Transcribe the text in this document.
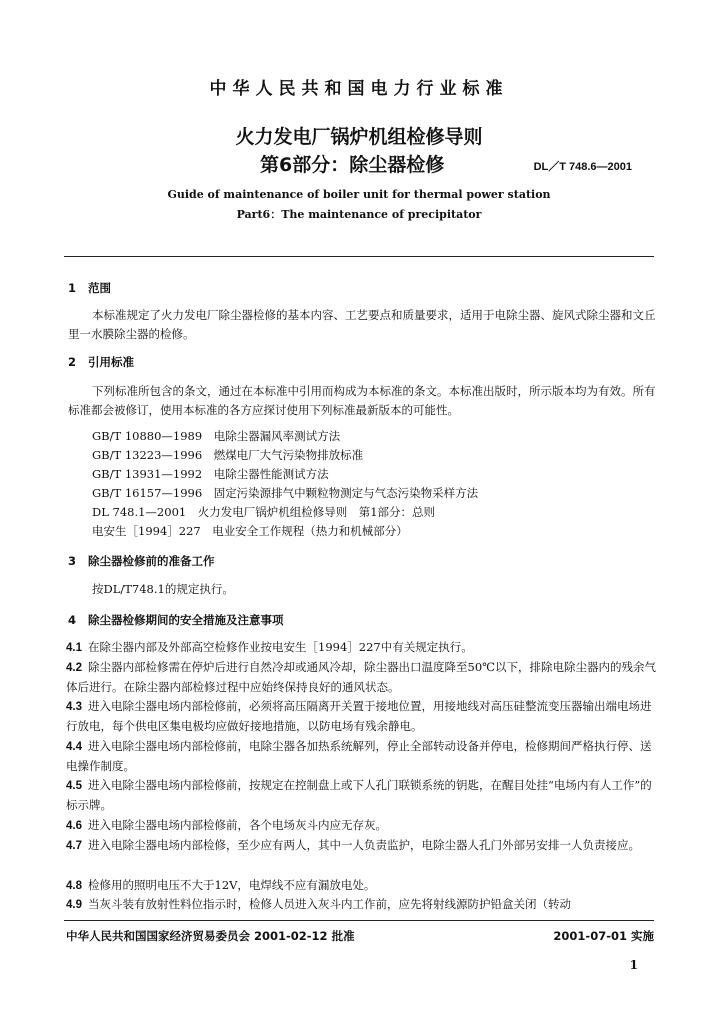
中华人民共和国电力行业标准
火力发电厂锅炉机组检修导则
第6部分：除尘器检修	DL／T 748.6—2001
Guide of maintenance of boiler unit for thermal power station
Part6：The maintenance of precipitator
1 范围
本标准规定了火力发电厂除尘器检修的基本内容、工艺要点和质量要求，适用于电除尘器、旋风式除尘器和文丘里一水膜除尘器的检修。
2 引用标准
下列标准所包含的条文，通过在本标准中引用而构成为本标准的条文。本标准出版时，所示版本均为有效。所有标准都会被修订，使用本标准的各方应探讨使用下列标准最新版本的可能性。
GB/T 10880—1989　电除尘器漏风率测试方法
GB/T 13223—1996　燃煤电厂大气污染物排放标准
GB/T 13931—1992　电除尘器性能测试方法
GB/T 16157—1996　固定污染源排气中颗粒物测定与气态污染物采样方法
DL 748.1—2001　火力发电厂锅炉机组检修导则　第1部分：总则
电安生［1994］227　电业安全工作规程（热力和机械部分）
3 除尘器检修前的准备工作
按DL/T748.1的规定执行。
4 除尘器检修期间的安全措施及注意事项
4.1 在除尘器内部及外部高空检修作业按电安生［1994］227中有关规定执行。
4.2 除尘器内部检修需在停炉后进行自然冷却或通风冷却，除尘器出口温度降至50℃以下，排除电除尘器内的残余气体后进行。在除尘器内部检修过程中应始终保持良好的通风状态。
4.3 进入电除尘器电场内部检修前，必须将高压隔离开关置于接地位置，用接地线对高压硅整流变压器输出端电场进行放电，每个供电区集电极均应做好接地措施，以防电场有残余静电。
4.4 进入电除尘器电场内部检修前，电除尘器各加热系统解列，停止全部转动设备并停电，检修期间严格执行停、送电操作制度。
4.5 进入电除尘器电场内部检修前，按规定在控制盘上或下人孔门联锁系统的钥匙，在醒目处挂“电场内有人工作”的标示牌。
4.6 进入电除尘器电场内部检修前，各个电场灰斗内应无存灰。
4.7 进入电除尘器电场内部检修，至少应有两人，其中一人负责监护，电除尘器人孔门外部另安排一人负责接应。
4.8 检修用的照明电压不大于12V，电焊线不应有漏放电处。
4.9 当灰斗装有放射性料位指示时，检修人员进入灰斗内工作前，应先将射线源防护铅盒关闭（转动
中华人民共和国国家经济贸易委员会 2001-02-12 批准	2001-07-01 实施
1
